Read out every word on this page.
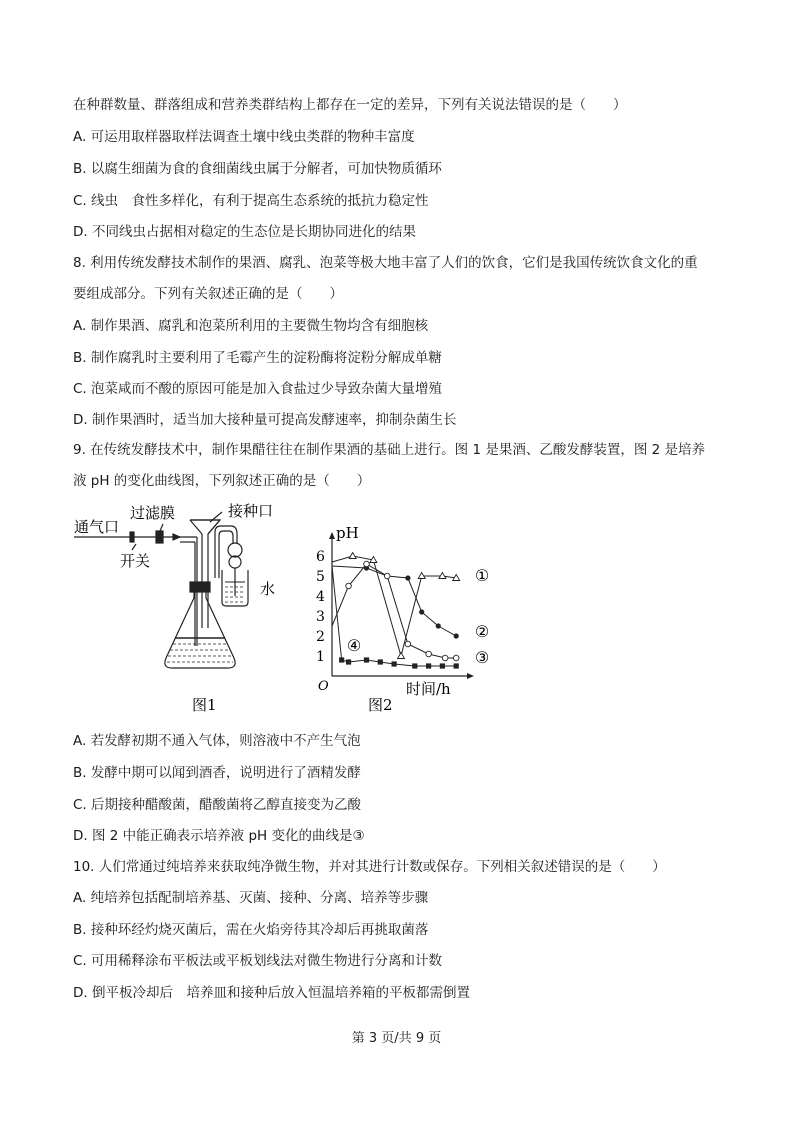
在种群数量、群落组成和营养类群结构上都存在一定的差异，下列有关说法错误的是（　　）
A. 可运用取样器取样法调查土壤中线虫类群的物种丰富度
B. 以腐生细菌为食的食细菌线虫属于分解者，可加快物质循环
C. 线虫　食性多样化，有利于提高生态系统的抵抗力稳定性
D. 不同线虫占据相对稳定的生态位是长期协同进化的结果
8. 利用传统发酵技术制作的果酒、腐乳、泡菜等极大地丰富了人们的饮食，它们是我国传统饮食文化的重
要组成部分。下列有关叙述正确的是（　　）
A. 制作果酒、腐乳和泡菜所利用的主要微生物均含有细胞核
B. 制作腐乳时主要利用了毛霉产生的淀粉酶将淀粉分解成单糖
C. 泡菜咸而不酸的原因可能是加入食盐过少导致杂菌大量增殖
D. 制作果酒时，适当加大接种量可提高发酵速率，抑制杂菌生长
9. 在传统发酵技术中，制作果醋往往在制作果酒的基础上进行。图 1 是果酒、乙酸发酵装置，图 2 是培养
液 pH 的变化曲线图，下列叙述正确的是（　　）
通气口
过滤膜	接种口
开关
水
图1
pH
时间/h
O
1
2
3
4
5
6
①
②
③
④
图2
A. 若发酵初期不通入气体，则溶液中不产生气泡
B. 发酵中期可以闻到酒香，说明进行了酒精发酵
C. 后期接种醋酸菌，醋酸菌将乙醇直接变为乙酸
D. 图 2 中能正确表示培养液 pH 变化的曲线是③
10. 人们常通过纯培养来获取纯净微生物，并对其进行计数或保存。下列相关叙述错误的是（　　）
A. 纯培养包括配制培养基、灭菌、接种、分离、培养等步骤
B. 接种环经灼烧灭菌后，需在火焰旁待其冷却后再挑取菌落
C. 可用稀释涂布平板法或平板划线法对微生物进行分离和计数
D. 倒平板冷却后　培养皿和接种后放入恒温培养箱的平板都需倒置
第 3 页/共 9 页
